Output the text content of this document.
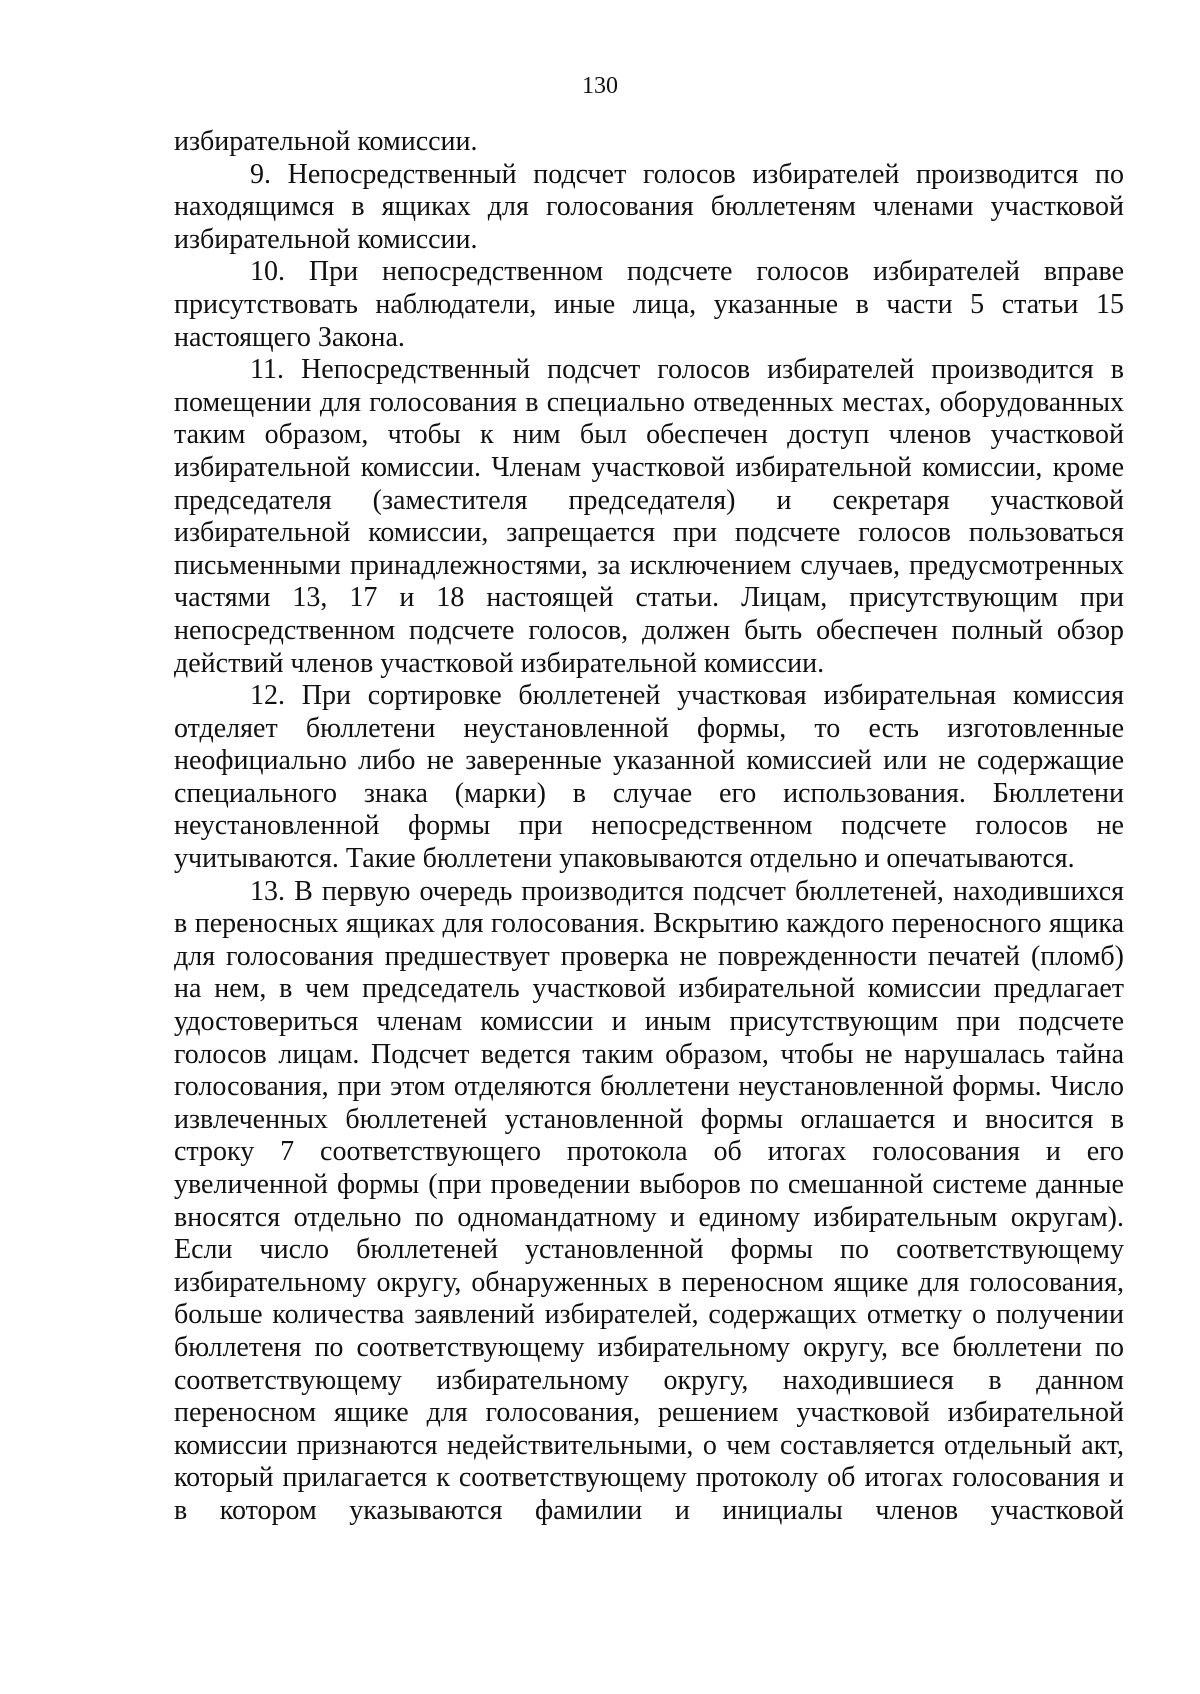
130

избирательной комиссии.

9. Непосредственный подсчет голосов избирателей производится по находящимся в ящиках для голосования бюллетеням членами участковой избирательной комиссии.

10. При непосредственном подсчете голосов избирателей вправе присутствовать наблюдатели, иные лица, указанные в части 5 статьи 15 настоящего Закона.

11. Непосредственный подсчет голосов избирателей производится в помещении для голосования в специально отведенных местах, оборудованных таким образом, чтобы к ним был обеспечен доступ членов участковой избирательной комиссии. Членам участковой избирательной комиссии, кроме председателя (заместителя председателя) и секретаря участковой избирательной комиссии, запрещается при подсчете голосов пользоваться письменными принадлежностями, за исключением случаев, предусмотренных частями 13, 17 и 18 настоящей статьи. Лицам, присутствующим при непосредственном подсчете голосов, должен быть обеспечен полный обзор действий членов участковой избирательной комиссии.

12. При сортировке бюллетеней участковая избирательная комиссия отделяет бюллетени неустановленной формы, то есть изготовленные неофициально либо не заверенные указанной комиссией или не содержащие специального знака (марки) в случае его использования. Бюллетени неустановленной формы при непосредственном подсчете голосов не учитываются. Такие бюллетени упаковываются отдельно и опечатываются.

13. В первую очередь производится подсчет бюллетеней, находившихся в переносных ящиках для голосования. Вскрытию каждого переносного ящика для голосования предшествует проверка не поврежденности печатей (пломб) на нем, в чем председатель участковой избирательной комиссии предлагает удостовериться членам комиссии и иным присутствующим при подсчете голосов лицам. Подсчет ведется таким образом, чтобы не нарушалась тайна голосования, при этом отделяются бюллетени неустановленной формы. Число извлеченных бюллетеней установленной формы оглашается и вносится в строку 7 соответствующего протокола об итогах голосования и его увеличенной формы (при проведении выборов по смешанной системе данные вносятся отдельно по одномандатному и единому избирательным округам). Если число бюллетеней установленной формы по соответствующему избирательному округу, обнаруженных в переносном ящике для голосования, больше количества заявлений избирателей, содержащих отметку о получении бюллетеня по соответствующему избирательному округу, все бюллетени по соответствующему избирательному округу, находившиеся в данном переносном ящике для голосования, решением участковой избирательной комиссии признаются недействительными, о чем составляется отдельный акт, который прилагается к соответствующему протоколу об итогах голосования и в котором указываются фамилии и инициалы членов участковой
